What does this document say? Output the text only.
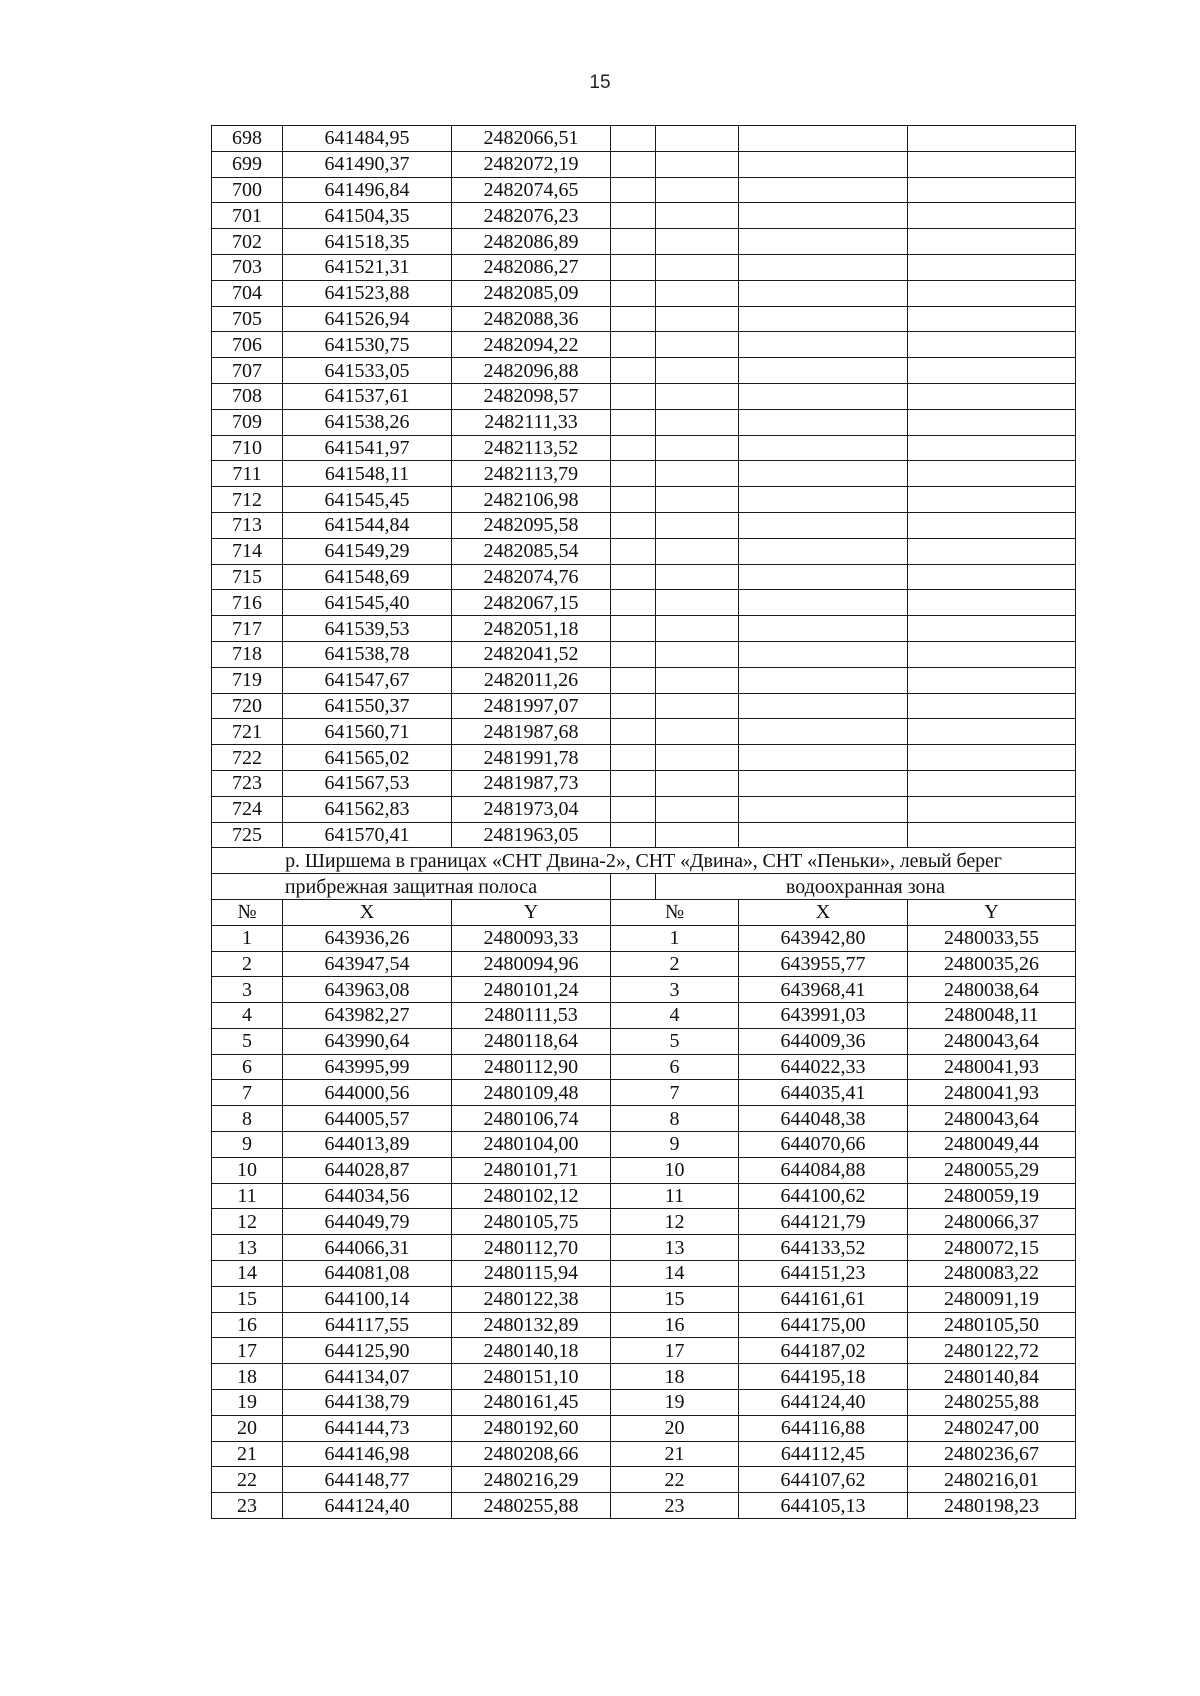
15
698	641484,95	2482066,51				
699	641490,37	2482072,19				
700	641496,84	2482074,65				
701	641504,35	2482076,23				
702	641518,35	2482086,89				
703	641521,31	2482086,27				
704	641523,88	2482085,09				
705	641526,94	2482088,36				
706	641530,75	2482094,22				
707	641533,05	2482096,88				
708	641537,61	2482098,57				
709	641538,26	2482111,33				
710	641541,97	2482113,52				
711	641548,11	2482113,79				
712	641545,45	2482106,98				
713	641544,84	2482095,58				
714	641549,29	2482085,54				
715	641548,69	2482074,76				
716	641545,40	2482067,15				
717	641539,53	2482051,18				
718	641538,78	2482041,52				
719	641547,67	2482011,26				
720	641550,37	2481997,07				
721	641560,71	2481987,68				
722	641565,02	2481991,78				
723	641567,53	2481987,73				
724	641562,83	2481973,04				
725	641570,41	2481963,05				
р. Ширшема в границах «СНТ Двина-2», СНТ «Двина», СНТ «Пеньки», левый берег						
прибрежная защитная полоса				водоохранная зона		
№	X	Y	№		X	Y
1	643936,26	2480093,33	1		643942,80	2480033,55
2	643947,54	2480094,96	2		643955,77	2480035,26
3	643963,08	2480101,24	3		643968,41	2480038,64
4	643982,27	2480111,53	4		643991,03	2480048,11
5	643990,64	2480118,64	5		644009,36	2480043,64
6	643995,99	2480112,90	6		644022,33	2480041,93
7	644000,56	2480109,48	7		644035,41	2480041,93
8	644005,57	2480106,74	8		644048,38	2480043,64
9	644013,89	2480104,00	9		644070,66	2480049,44
10	644028,87	2480101,71	10		644084,88	2480055,29
11	644034,56	2480102,12	11		644100,62	2480059,19
12	644049,79	2480105,75	12		644121,79	2480066,37
13	644066,31	2480112,70	13		644133,52	2480072,15
14	644081,08	2480115,94	14		644151,23	2480083,22
15	644100,14	2480122,38	15		644161,61	2480091,19
16	644117,55	2480132,89	16		644175,00	2480105,50
17	644125,90	2480140,18	17		644187,02	2480122,72
18	644134,07	2480151,10	18		644195,18	2480140,84
19	644138,79	2480161,45	19		644124,40	2480255,88
20	644144,73	2480192,60	20		644116,88	2480247,00
21	644146,98	2480208,66	21		644112,45	2480236,67
22	644148,77	2480216,29	22		644107,62	2480216,01
23	644124,40	2480255,88	23		644105,13	2480198,23
